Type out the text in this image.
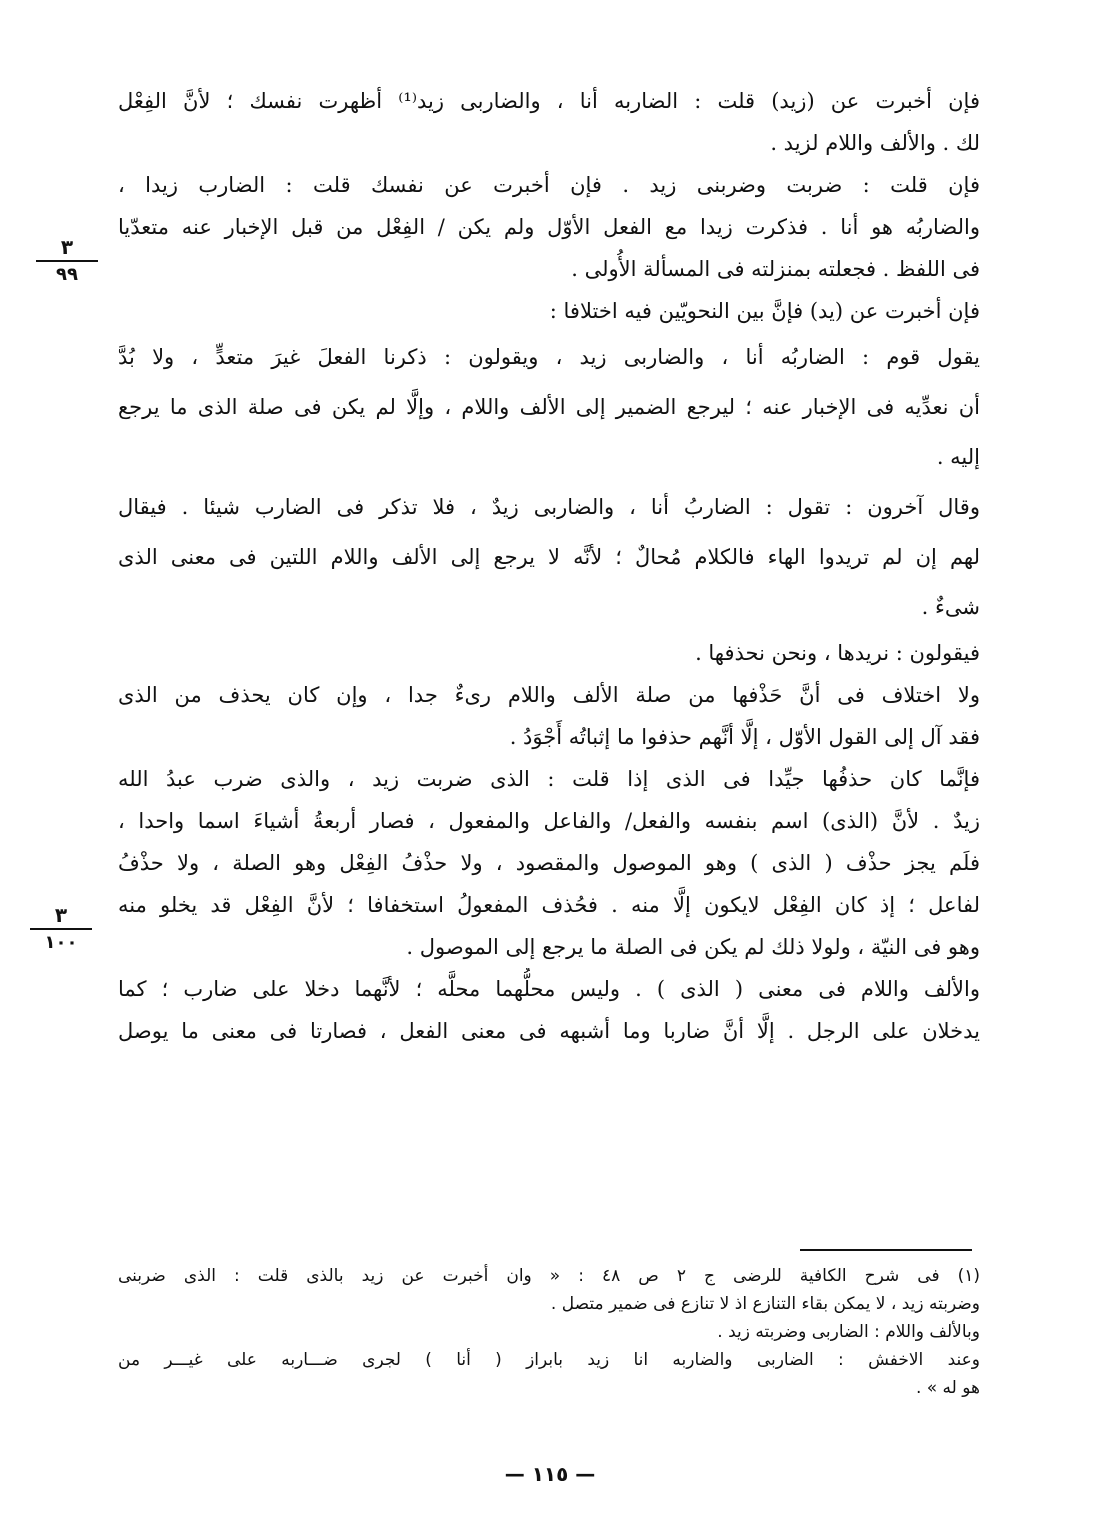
فإن أخبرت عن (زيد) قلت : الضاربه أنا ، والضاربى زيد⁽¹⁾ أظهرت نفسك ؛ لأنَّ الفِعْل
لك . والألف واللام لزيد .
فإن قلت : ضربت وضربنى زيد . فإن أخبرت عن نفسك قلت : الضارب زيدا ،
والضاربُه هو أنا . فذكرت زيدا مع الفعل الأوّل ولم يكن / الفِعْل من قبل الإخبار عنه متعدّيا
فى اللفظ . فجعلته بمنزلته فى المسألة الأُولى .
فإن أخبرت عن (يد) فإنَّ بين النحويّين فيه اختلافا :
يقول قوم : الضاربُه أنا ، والضاربى زيد ، ويقولون : ذكرنا الفعلَ غيرَ متعدٍّ ، ولا بُدَّ
أن نعدِّيه فى الإخبار عنه ؛ ليرجع الضمير إلى الألف واللام ، وإلَّا لم يكن فى صلة الذى ما يرجع
إليه .
وقال آخرون : تقول : الضاربُ أنا ، والضاربى زيدٌ ، فلا تذكر فى الضارب شيئا . فيقال
لهم إن لم تريدوا الهاء فالكلام مُحالٌ ؛ لأنَّه لا يرجع إلى الألف واللام اللتين فى معنى الذى
شىءٌ .
فيقولون : نريدها ، ونحن نحذفها .
ولا اختلاف فى أنَّ حَذْفها من صلة الألف واللام رىءٌ جدا ، وإن كان يحذف من الذى
فقد آل إلى القول الأوّل ، إلَّا أنَّهم حذفوا ما إثباتُه أَجْوَدُ .
فإنَّما كان حذفُها جيِّدا فى الذى إذا قلت : الذى ضربت زيد ، والذى ضرب عبدُ الله
زيدٌ . لأنَّ (الذى) اسم بنفسه والفعل/ والفاعل والمفعول ، فصار أربعةُ أشياءَ اسما واحدا ،
فلَم يجز حذْف ( الذى ) وهو الموصول والمقصود ، ولا حذْفُ الفِعْل وهو الصلة ، ولا حذْفُ
لفاعل ؛ إذ كان الفِعْل لايكون إلَّا منه . فحُذف المفعولُ استخفافا ؛ لأنَّ الفِعْل قد يخلو منه
وهو فى النيّة ، ولولا ذلك لم يكن فى الصلة ما يرجع إلى الموصول .
والألف واللام فى معنى ( الذى ) . وليس محلُّهما محلَّه ؛ لأنَّهما دخلا على ضارب ؛ كما
يدخلان على الرجل . إلَّا أنَّ ضاربا وما أشبهه فى معنى الفعل ، فصارتا فى معنى ما يوصل
٣
٩٩
٣
١٠٠
(١) فى شرح الكافية للرضى ج ٢ ص ٤٨ : « وان أخبرت عن زيد بالذى قلت : الذى ضربنى
وضربته زيد ، لا يمكن بقاء التنازع اذ لا تنازع فى ضمير متصل .
وبالألف واللام : الضاربى وضربته زيد .
وعند الاخفش : الضاربى والضاربه انا زيد بابراز ( أنا ) لجرى ضـــاربه على غيـــر من
هو له » .
— ١١٥ —
